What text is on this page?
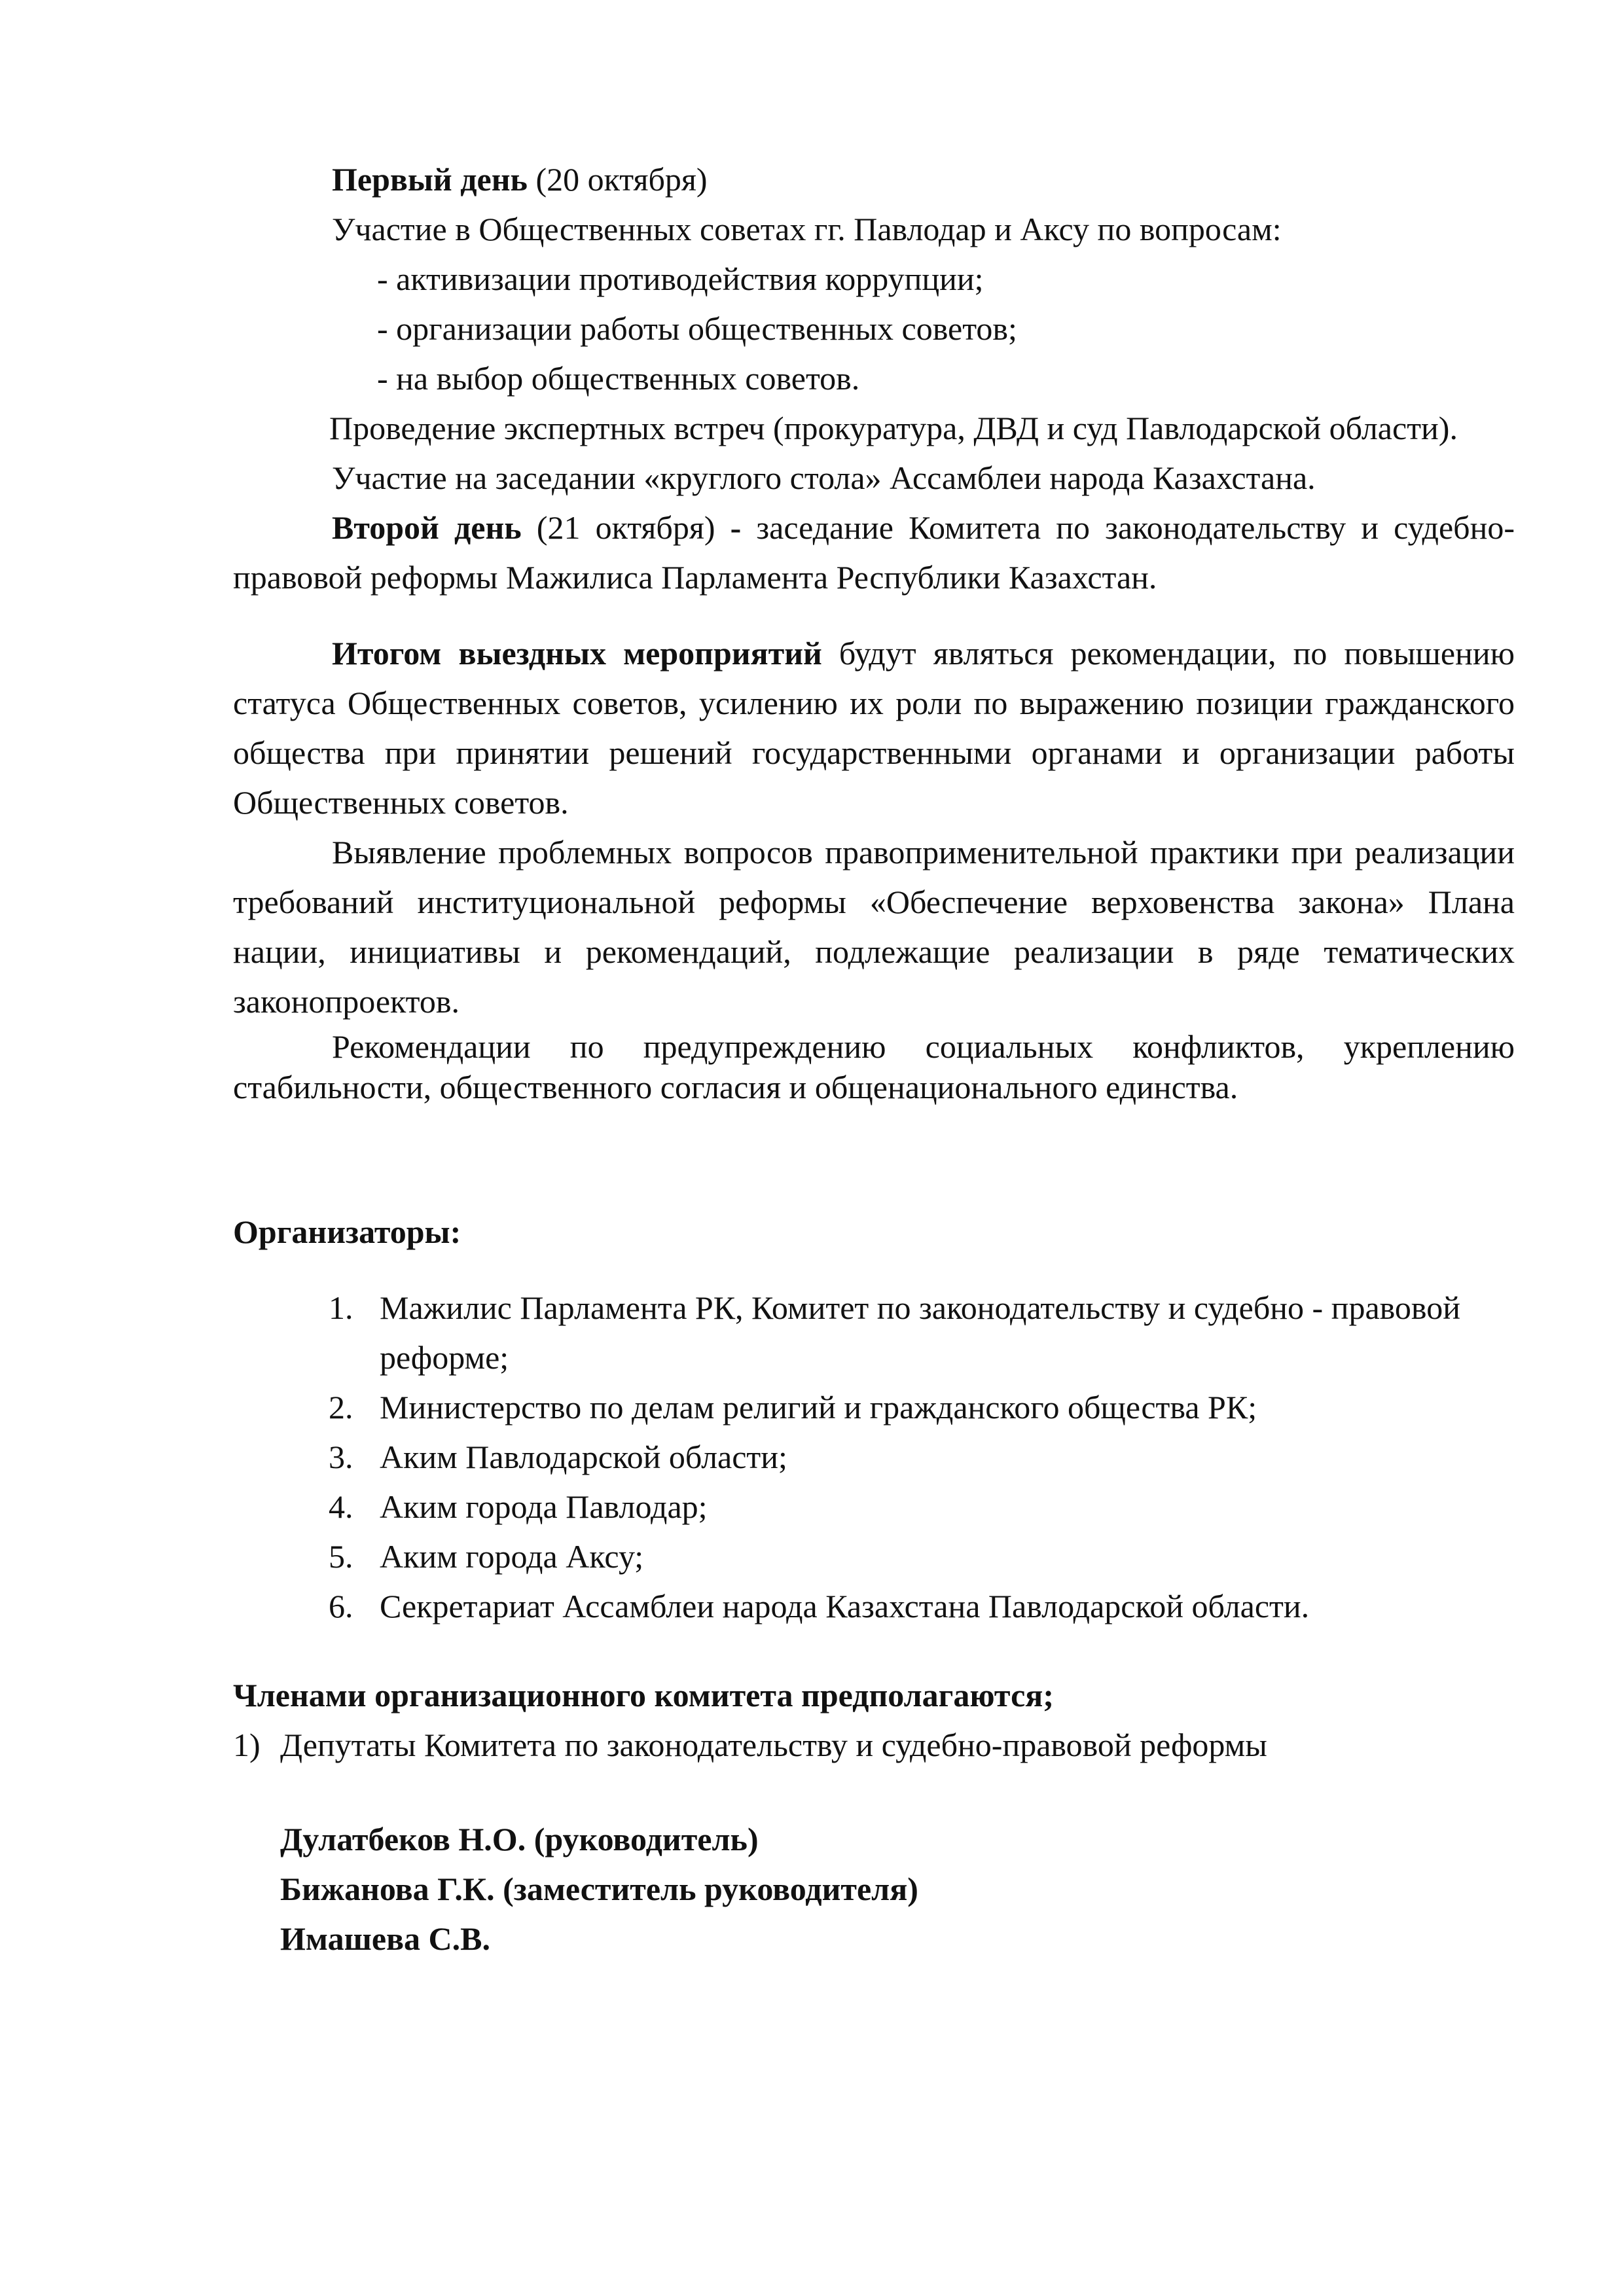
Первый день (20 октября)

Участие в Общественных советах гг. Павлодар и Аксу по вопросам:

- активизации противодействия коррупции;

- организации работы общественных советов;

- на выбор общественных советов.

Проведение экспертных встреч (прокуратура, ДВД и суд Павлодарской области).

Участие на заседании «круглого стола» Ассамблеи народа Казахстана.

Второй день (21 октября) - заседание Комитета по законодательству и судебно-правовой реформы Мажилиса Парламента Республики Казахстан.

Итогом выездных мероприятий будут являться рекомендации, по повышению статуса Общественных советов, усилению их роли по выражению позиции гражданского общества при принятии решений государственными органами и организации работы Общественных советов.

Выявление проблемных вопросов правоприменительной практики при реализации требований институциональной реформы «Обеспечение верховенства закона» Плана нации, инициативы и рекомендаций, подлежащие реализации в ряде тематических законопроектов.

Рекомендации по предупреждению социальных конфликтов, укреплению стабильности, общественного согласия и общенационального единства.

Организаторы:

1. Мажилис Парламента РК, Комитет по законодательству и судебно - правовой реформе;
2. Министерство по делам религий и гражданского общества РК;
3. Аким Павлодарской области;
4. Аким города Павлодар;
5. Аким города Аксу;
6. Секретариат Ассамблеи народа Казахстана Павлодарской области.

Членами организационного комитета предполагаются;

1) Депутаты Комитета по законодательству и судебно-правовой реформы

Дулатбеков Н.О. (руководитель)

Бижанова Г.К. (заместитель руководителя)

Имашева С.В.
